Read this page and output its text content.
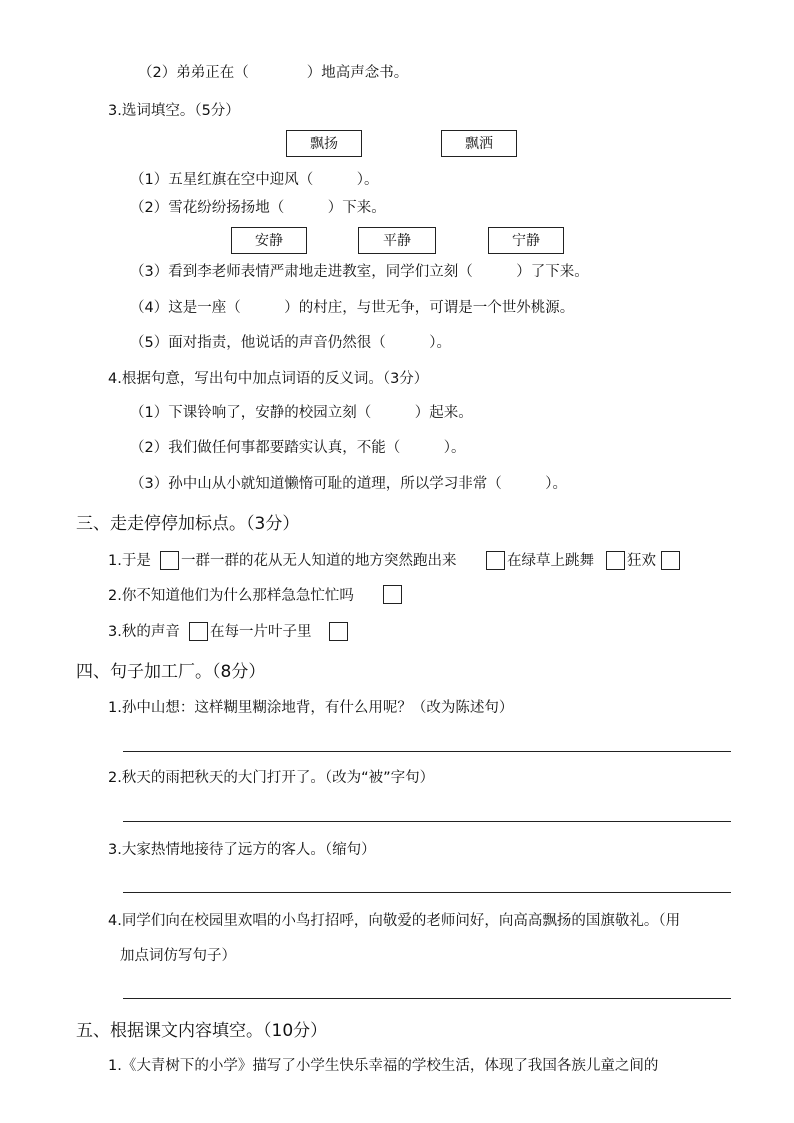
（2）弟弟正在（　　　　）地高声念书。
3.选词填空。（5分）
飘扬	飘洒
（1）五星红旗在空中迎风（　　　）。
（2）雪花纷纷扬扬地（　　　）下来。
安静	平静	宁静
（3）看到李老师表情严肃地走进教室，同学们立刻（　　　）了下来。
（4）这是一座（　　　）的村庄，与世无争，可谓是一个世外桃源。
（5）面对指责，他说话的声音仍然很（　　　）。
4.根据句意，写出句中加点词语的反义词。（3分）
（1）下课铃响了，安静的校园立刻（　　　）起来。
（2）我们做任何事都要踏实认真，不能（　　　）。
（3）孙中山从小就知道懒惰可耻的道理，所以学习非常（　　　）。
三、走走停停加标点。（3分）
1.于是 一群一群的花从无人知道的地方突然跑出来	在绿草上跳舞 狂欢
2.你不知道他们为什么那样急急忙忙吗
3.秋的声音 在每一片叶子里
四、句子加工厂。（8分）
1.孙中山想：这样糊里糊涂地背，有什么用呢？（改为陈述句）
2.秋天的雨把秋天的大门打开了。（改为“被”字句）
3.大家热情地接待了远方的客人。（缩句）
4.同学们向在校园里欢唱的小鸟打招呼，向敬爱的老师问好，向高高飘扬的国旗敬礼。（用
加点词仿写句子）
五、根据课文内容填空。（10分）
1.《大青树下的小学》描写了小学生快乐幸福的学校生活，体现了我国各族儿童之间的
